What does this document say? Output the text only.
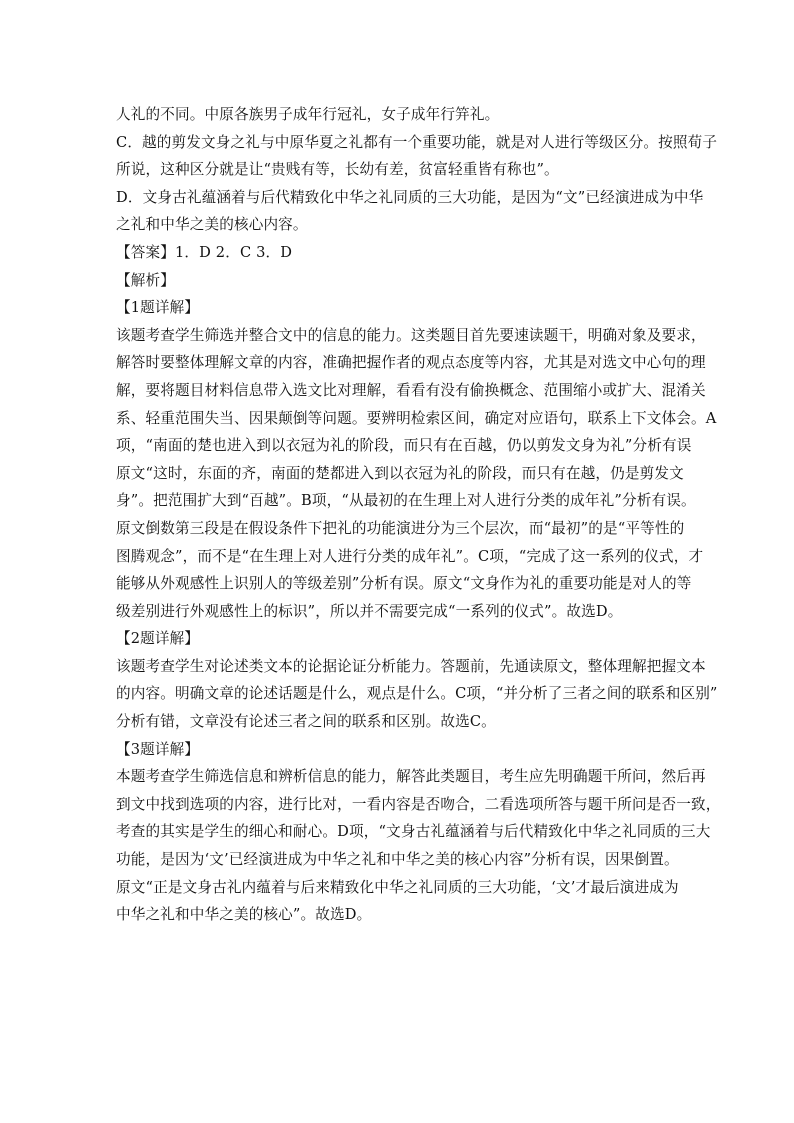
人礼的不同。中原各族男子成年行冠礼，女子成年行笄礼。
C．越的剪发文身之礼与中原华夏之礼都有一个重要功能，就是对人进行等级区分。按照荀子
所说，这种区分就是让“贵贱有等，长幼有差，贫富轻重皆有称也”。
D．文身古礼蕴涵着与后代精致化中华之礼同质的三大功能，是因为“文”已经演进成为中华
之礼和中华之美的核心内容。
【答案】1．D 2．C 3．D
【解析】
【1题详解】
该题考查学生筛选并整合文中的信息的能力。这类题目首先要速读题干，明确对象及要求，
解答时要整体理解文章的内容，准确把握作者的观点态度等内容，尤其是对选文中心句的理
解，要将题目材料信息带入选文比对理解，看看有没有偷换概念、范围缩小或扩大、混淆关
系、轻重范围失当、因果颠倒等问题。要辨明检索区间，确定对应语句，联系上下文体会。A
项，“南面的楚也进入到以衣冠为礼的阶段，而只有在百越，仍以剪发文身为礼”分析有误
原文“这时，东面的齐，南面的楚都进入到以衣冠为礼的阶段，而只有在越，仍是剪发文
身”。把范围扩大到“百越”。B项，“从最初的在生理上对人进行分类的成年礼”分析有误。
原文倒数第三段是在假设条件下把礼的功能演进分为三个层次，而“最初”的是“平等性的
图腾观念”，而不是“在生理上对人进行分类的成年礼”。C项，“完成了这一系列的仪式，才
能够从外观感性上识别人的等级差别”分析有误。原文“文身作为礼的重要功能是对人的等
级差别进行外观感性上的标识”，所以并不需要完成“一系列的仪式”。故选D。
【2题详解】
该题考查学生对论述类文本的论据论证分析能力。答题前，先通读原文，整体理解把握文本
的内容。明确文章的论述话题是什么，观点是什么。C项，“并分析了三者之间的联系和区别”
分析有错，文章没有论述三者之间的联系和区别。故选C。
【3题详解】
本题考查学生筛选信息和辨析信息的能力，解答此类题目，考生应先明确题干所问，然后再
到文中找到选项的内容，进行比对，一看内容是否吻合，二看选项所答与题干所问是否一致，
考查的其实是学生的细心和耐心。D项，“文身古礼蕴涵着与后代精致化中华之礼同质的三大
功能，是因为‘文’已经演进成为中华之礼和中华之美的核心内容”分析有误，因果倒置。
原文“正是文身古礼内蕴着与后来精致化中华之礼同质的三大功能，‘文’才最后演进成为
中华之礼和中华之美的核心”。故选D。
